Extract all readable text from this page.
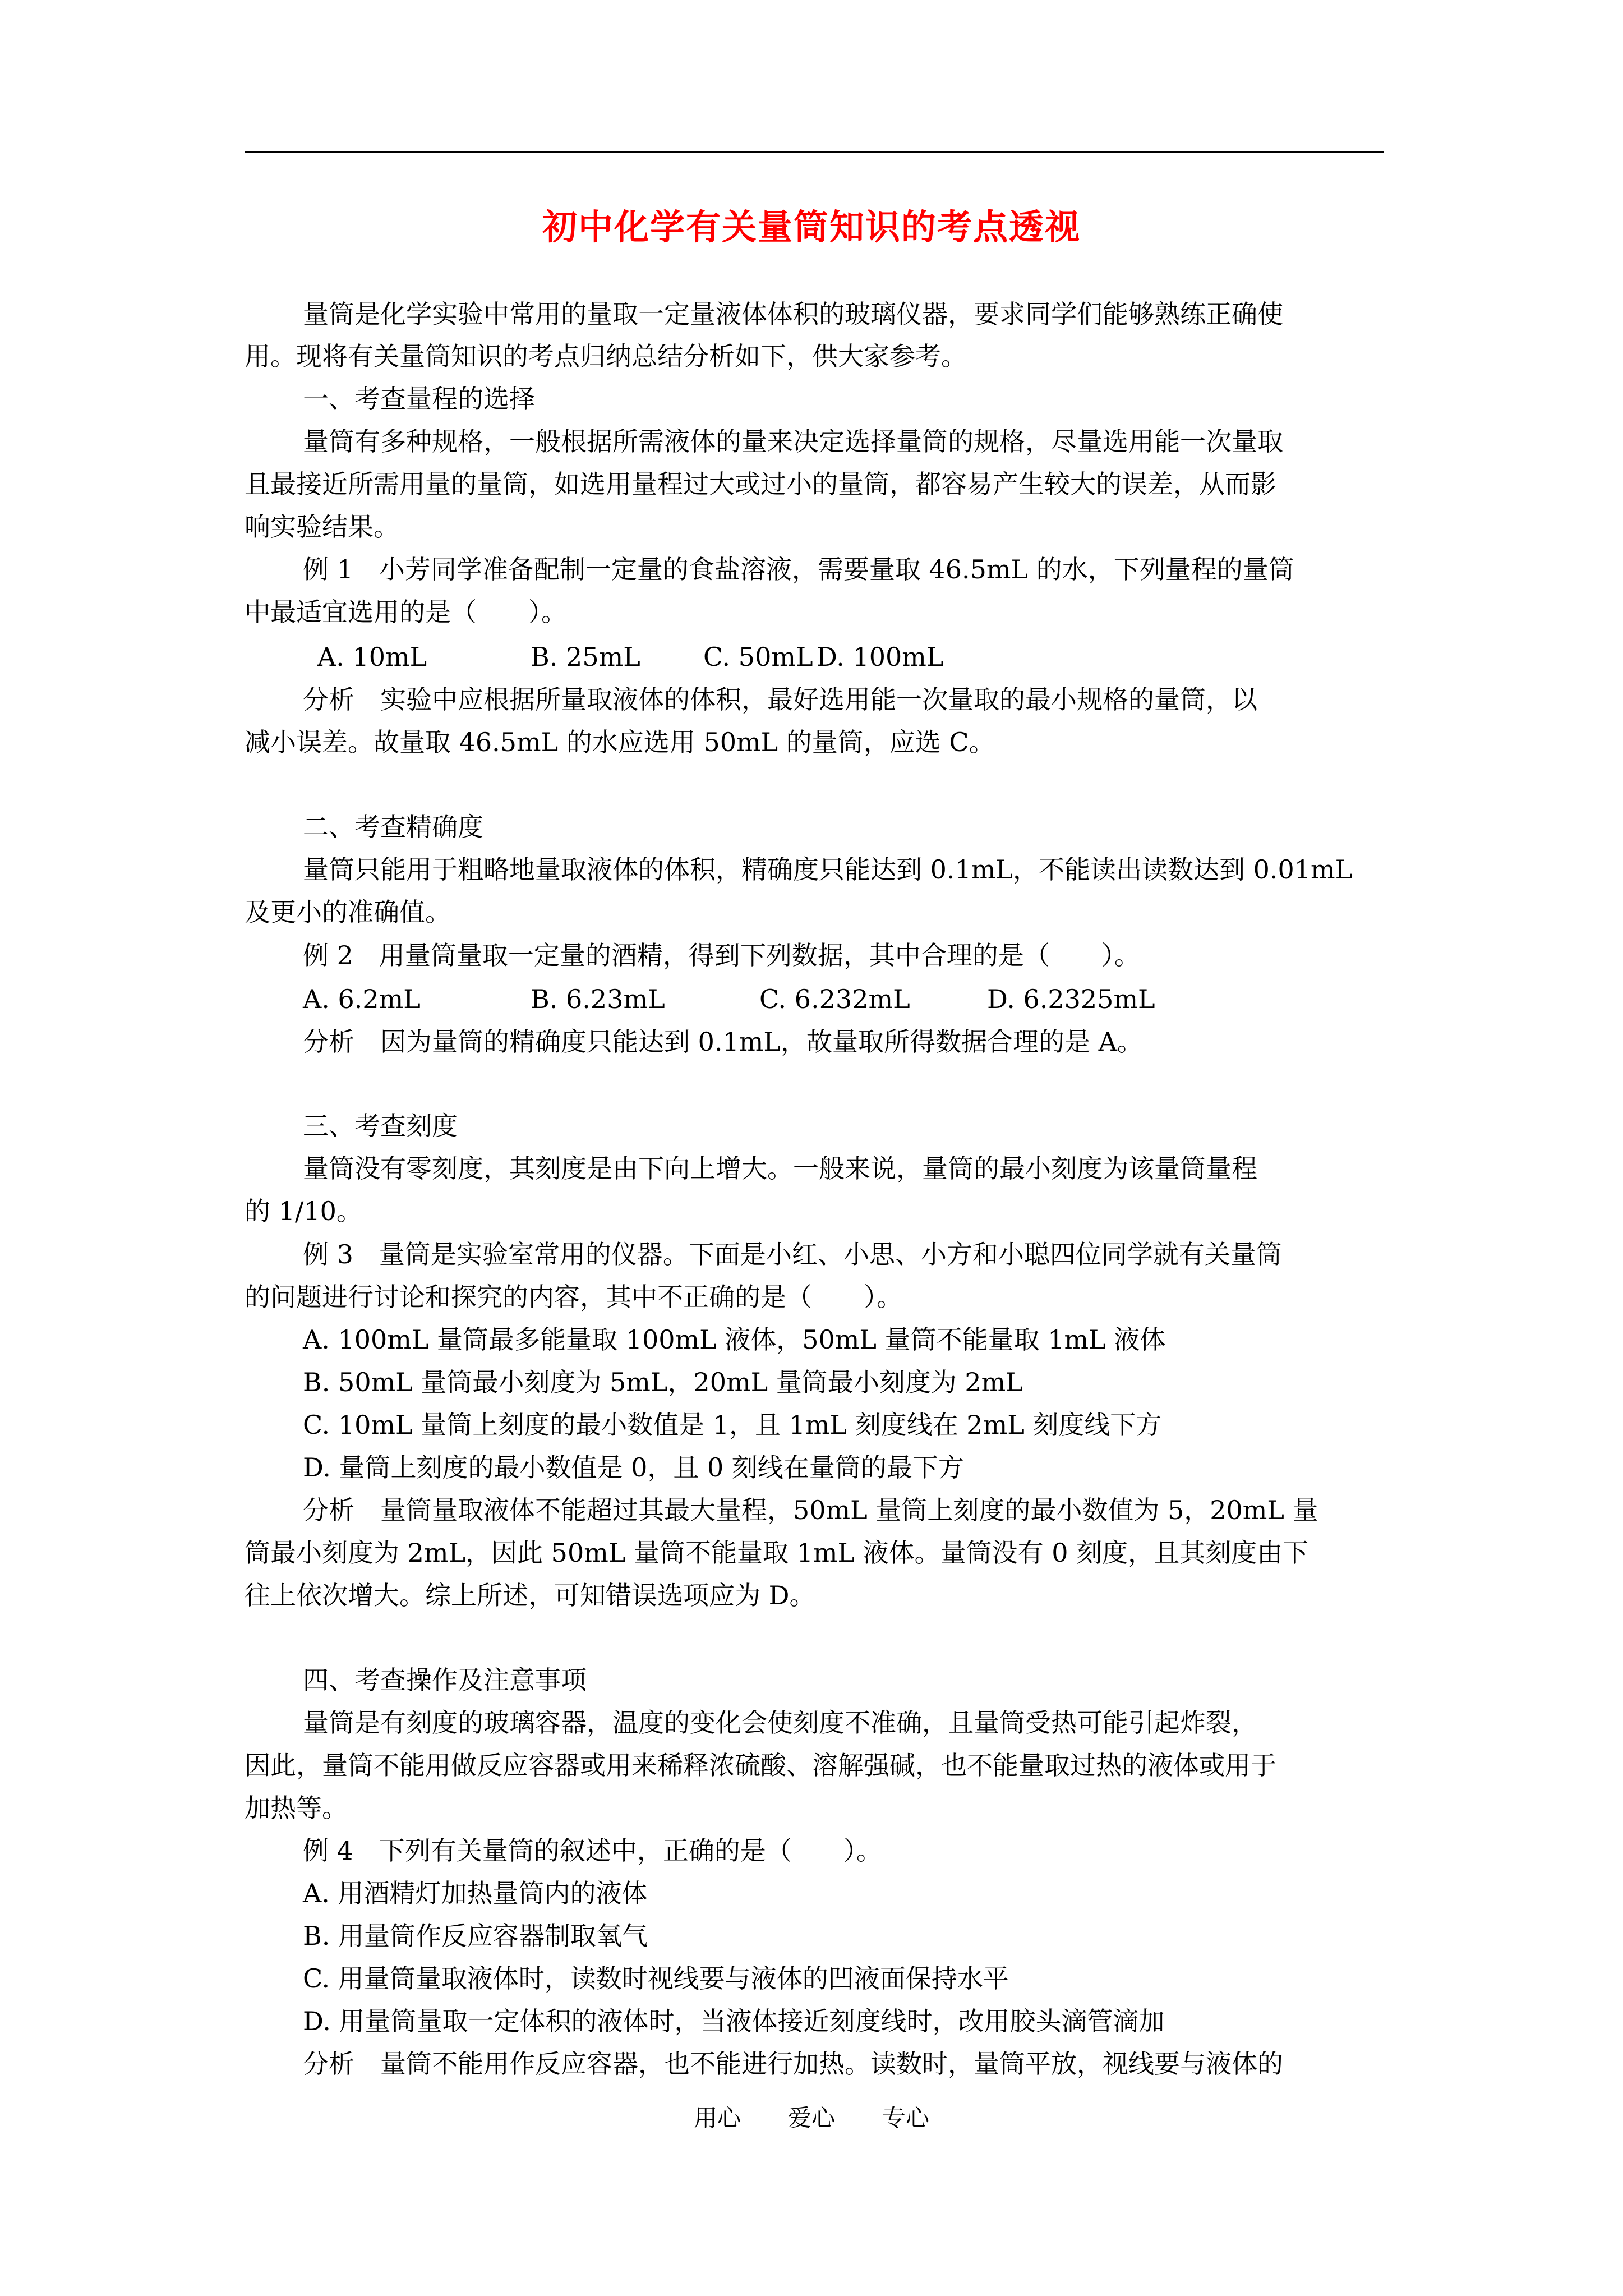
初中化学有关量筒知识的考点透视
量筒是化学实验中常用的量取一定量液体体积的玻璃仪器，要求同学们能够熟练正确使
用。现将有关量筒知识的考点归纳总结分析如下，供大家参考。
一、考查量程的选择
量筒有多种规格，一般根据所需液体的量来决定选择量筒的规格，尽量选用能一次量取
且最接近所需用量的量筒，如选用量程过大或过小的量筒，都容易产生较大的误差，从而影
响实验结果。
例 1　小芳同学准备配制一定量的食盐溶液，需要量取 46.5mL 的水，下列量程的量筒
中最适宜选用的是（　　）。
A. 10mL	B. 25mL C. 50mL D. 100mL
分析　实验中应根据所量取液体的体积，最好选用能一次量取的最小规格的量筒，以
减小误差。故量取 46.5mL 的水应选用 50mL 的量筒，应选 C。
二、考查精确度
量筒只能用于粗略地量取液体的体积，精确度只能达到 0.1mL，不能读出读数达到 0.01mL
及更小的准确值。
例 2　用量筒量取一定量的酒精，得到下列数据，其中合理的是（　　）。
A. 6.2mL	B. 6.23mL	C. 6.232mL	D. 6.2325mL
分析　因为量筒的精确度只能达到 0.1mL，故量取所得数据合理的是 A。
三、考查刻度
量筒没有零刻度，其刻度是由下向上增大。一般来说，量筒的最小刻度为该量筒量程
的 1/10。
例 3　量筒是实验室常用的仪器。下面是小红、小思、小方和小聪四位同学就有关量筒
的问题进行讨论和探究的内容，其中不正确的是（　　）。
A. 100mL 量筒最多能量取 100mL 液体，50mL 量筒不能量取 1mL 液体
B. 50mL 量筒最小刻度为 5mL，20mL 量筒最小刻度为 2mL
C. 10mL 量筒上刻度的最小数值是 1，且 1mL 刻度线在 2mL 刻度线下方
D. 量筒上刻度的最小数值是 0，且 0 刻线在量筒的最下方
分析　量筒量取液体不能超过其最大量程，50mL 量筒上刻度的最小数值为 5，20mL 量
筒最小刻度为 2mL，因此 50mL 量筒不能量取 1mL 液体。量筒没有 0 刻度，且其刻度由下
往上依次增大。综上所述，可知错误选项应为 D。
四、考查操作及注意事项
量筒是有刻度的玻璃容器，温度的变化会使刻度不准确，且量筒受热可能引起炸裂，
因此，量筒不能用做反应容器或用来稀释浓硫酸、溶解强碱，也不能量取过热的液体或用于
加热等。
例 4　下列有关量筒的叙述中，正确的是（　　）。
A. 用酒精灯加热量筒内的液体
B. 用量筒作反应容器制取氧气
C. 用量筒量取液体时，读数时视线要与液体的凹液面保持水平
D. 用量筒量取一定体积的液体时，当液体接近刻度线时，改用胶头滴管滴加
分析　量筒不能用作反应容器，也不能进行加热。读数时，量筒平放，视线要与液体的
用心 爱心 专心
